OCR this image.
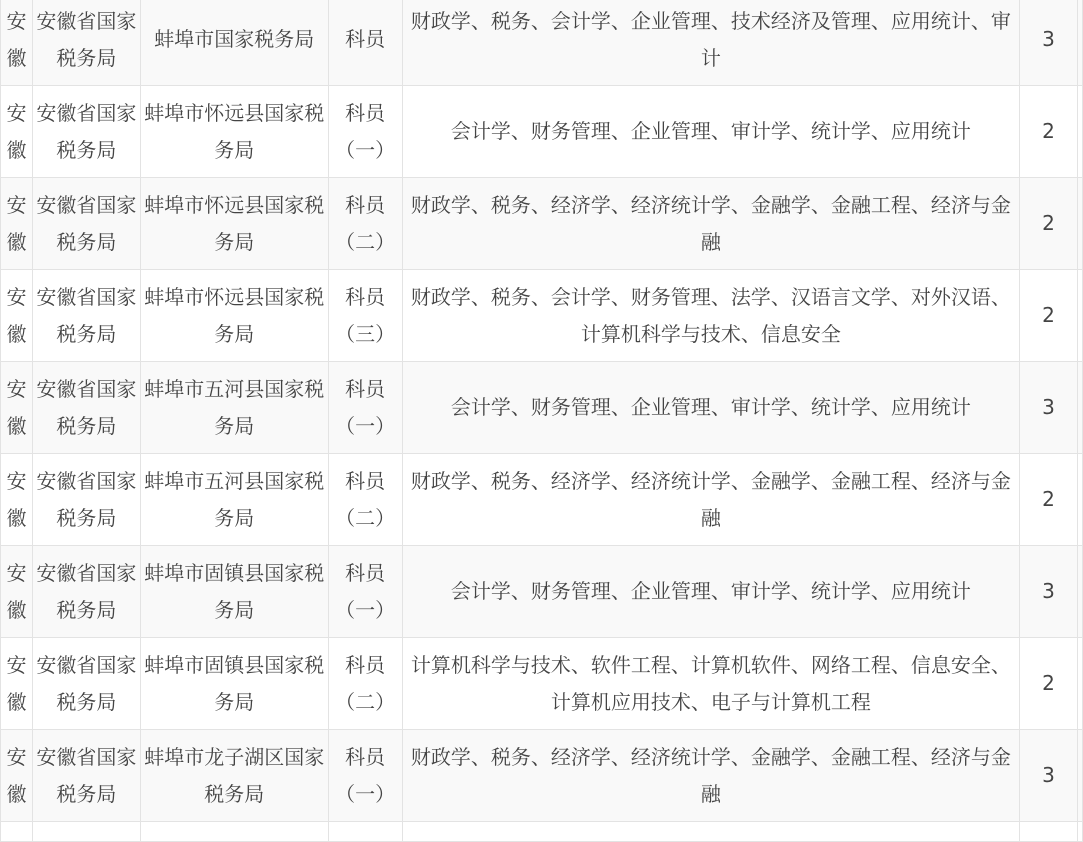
安徽	安徽省国家税务局	蚌埠市国家税务局	科员	财政学、税务、会计学、企业管理、技术经济及管理、应用统计、审计	3	
安徽	安徽省国家税务局	蚌埠市怀远县国家税务局	科员（一）	会计学、财务管理、企业管理、审计学、统计学、应用统计	2	
安徽	安徽省国家税务局	蚌埠市怀远县国家税务局	科员（二）	财政学、税务、经济学、经济统计学、金融学、金融工程、经济与金融	2	
安徽	安徽省国家税务局	蚌埠市怀远县国家税务局	科员（三）	财政学、税务、会计学、财务管理、法学、汉语言文学、对外汉语、计算机科学与技术、信息安全	2	
安徽	安徽省国家税务局	蚌埠市五河县国家税务局	科员（一）	会计学、财务管理、企业管理、审计学、统计学、应用统计	3	
安徽	安徽省国家税务局	蚌埠市五河县国家税务局	科员（二）	财政学、税务、经济学、经济统计学、金融学、金融工程、经济与金融	2	
安徽	安徽省国家税务局	蚌埠市固镇县国家税务局	科员（一）	会计学、财务管理、企业管理、审计学、统计学、应用统计	3	
安徽	安徽省国家税务局	蚌埠市固镇县国家税务局	科员（二）	计算机科学与技术、软件工程、计算机软件、网络工程、信息安全、计算机应用技术、电子与计算机工程	2	
安徽	安徽省国家税务局	蚌埠市龙子湖区国家税务局	科员（一）	财政学、税务、经济学、经济统计学、金融学、金融工程、经济与金融	3	
